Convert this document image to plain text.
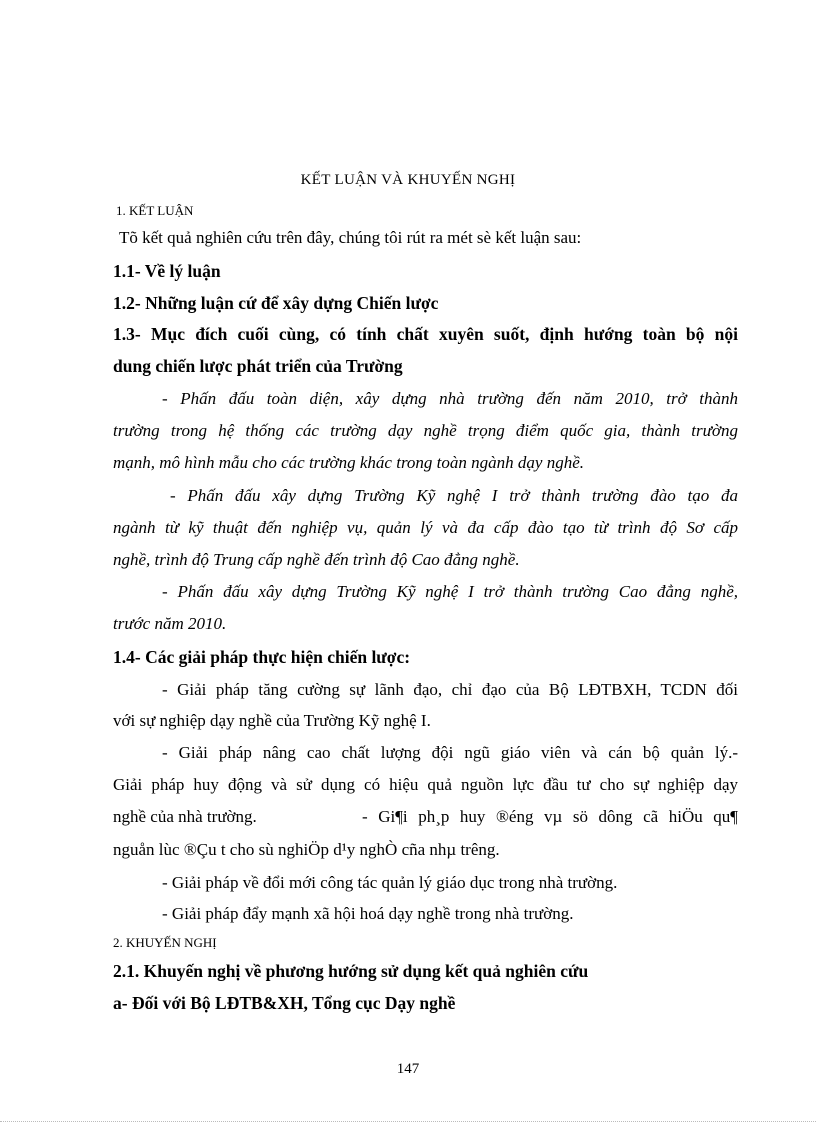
KẾT LUẬN VÀ KHUYẾN NGHỊ
1. KẾT LUẬN
Tõ kết quả nghiên cứu trên đây, chúng tôi rút ra mét sè kết luận sau:
1.1- Về lý luận
1.2- Những luận cứ để xây dựng Chiến lược
1.3- Mục đích cuối cùng, có tính chất xuyên suốt, định hướng toàn bộ nội
dung chiến lược phát triển của Trường
- Phấn đấu toàn diện, xây dựng nhà trường đến năm 2010, trở thành
trường trong hệ thống các trường dạy nghề trọng điểm quốc gia, thành trường
mạnh, mô hình mẫu cho các trường khác trong toàn ngành dạy nghề.
- Phấn đấu xây dựng Trường Kỹ nghệ I trở thành trường đào tạo đa
ngành từ kỹ thuật đến nghiệp vụ, quản lý và đa cấp đào tạo từ trình độ Sơ cấp
nghề, trình độ Trung cấp nghề đến trình độ Cao đẳng nghề.
- Phấn đấu xây dựng Trường Kỹ nghệ I trở thành trường Cao đẳng nghề,
trước năm 2010.
1.4- Các giải pháp thực hiện chiến lược:
- Giải pháp tăng cường sự lãnh đạo, chỉ đạo của Bộ LĐTBXH, TCDN đối
với sự nghiệp dạy nghề của Trường Kỹ nghệ I.
- Giải pháp nâng cao chất lượng đội ngũ giáo viên và cán bộ quản lý.-
Giải pháp huy động và sử dụng có hiệu quả nguồn lực đầu tư cho sự nghiệp dạy
nghề của nhà trường.	- Gi¶i ph¸p huy ®éng vµ sö dông cã hiÖu qu¶
nguån lùc ®Çu t cho sù nghiÖp d¹y nghÒ cña nhµ trêng.
- Giải pháp về đổi mới công tác quản lý giáo dục trong nhà trường.
- Giải pháp đẩy mạnh xã hội hoá dạy nghề trong nhà trường.
2. KHUYẾN NGHỊ
2.1. Khuyến nghị về phương hướng sử dụng kết quả nghiên cứu
a- Đối với Bộ LĐTB&XH, Tổng cục Dạy nghề
147
